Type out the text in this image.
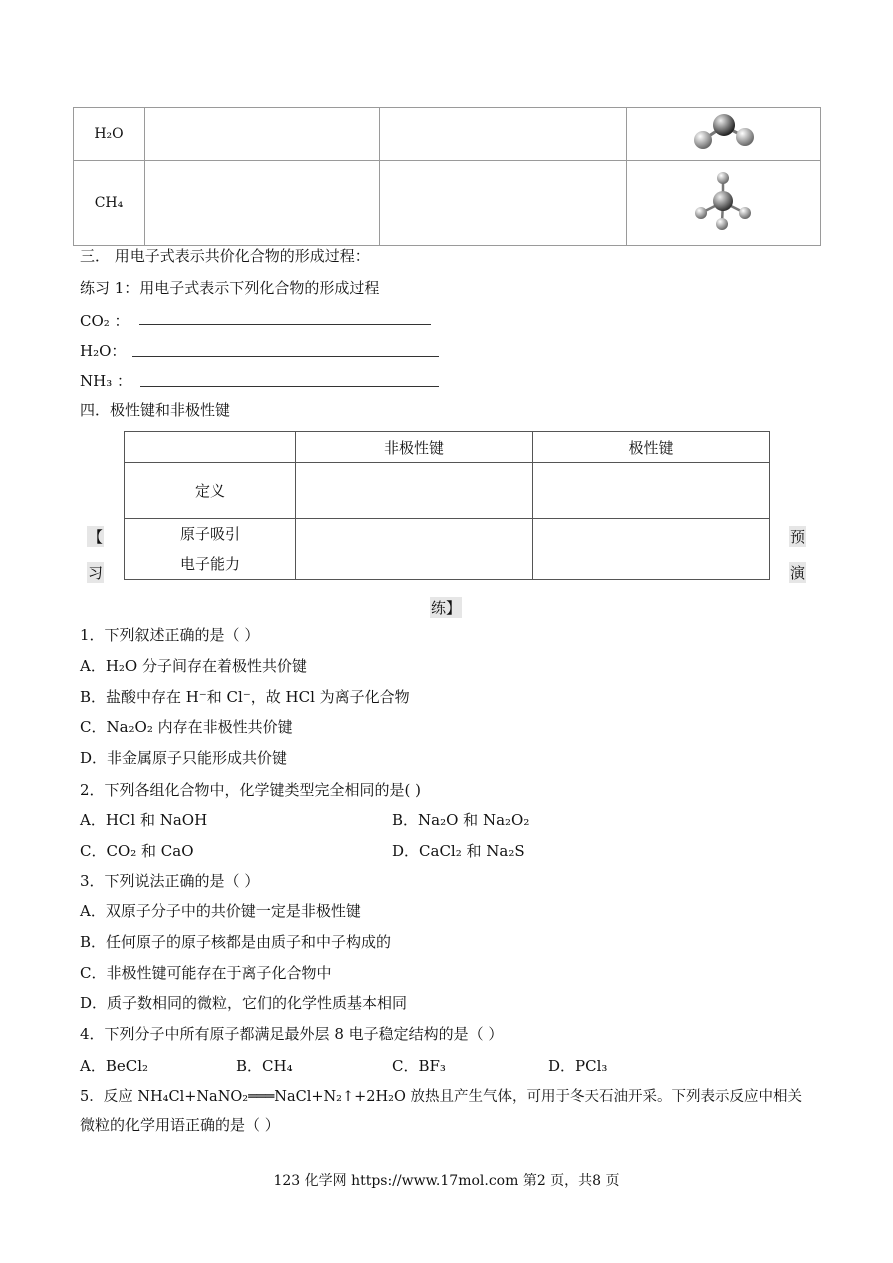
H₂O			
CH₄			
三． 用电子式表示共价化合物的形成过程：
练习 1：用电子式表示下列化合物的形成过程
CO₂ ：
H₂O：
NH₃ ：
四．极性键和非极性键
	非极性键	极性键
定义		

原子吸引
电子能力		

【
习
预
演
练】
1．下列叙述正确的是（ ）
A．H₂O 分子间存在着极性共价键
B．盐酸中存在 H⁻和 Cl⁻，故 HCl 为离子化合物
C．Na₂O₂ 内存在非极性共价键
D．非金属原子只能形成共价键
2．下列各组化合物中，化学键类型完全相同的是( )
A．HCl 和 NaOH	B．Na₂O 和 Na₂O₂
C．CO₂ 和 CaO	D．CaCl₂ 和 Na₂S
3．下列说法正确的是（ ）
A．双原子分子中的共价键一定是非极性键
B．任何原子的原子核都是由质子和中子构成的
C．非极性键可能存在于离子化合物中
D．质子数相同的微粒，它们的化学性质基本相同
4．下列分子中所有原子都满足最外层 8 电子稳定结构的是（ ）
A．BeCl₂	B．CH₄	C．BF₃	D．PCl₃
5．反应 NH₄Cl+NaNO₂═══NaCl+N₂↑+2H₂O 放热且产生气体，可用于冬天石油开采。下列表示反应中相关
微粒的化学用语正确的是（ ）
123 化学网 https://www.17mol.com 第2 页，共8 页
